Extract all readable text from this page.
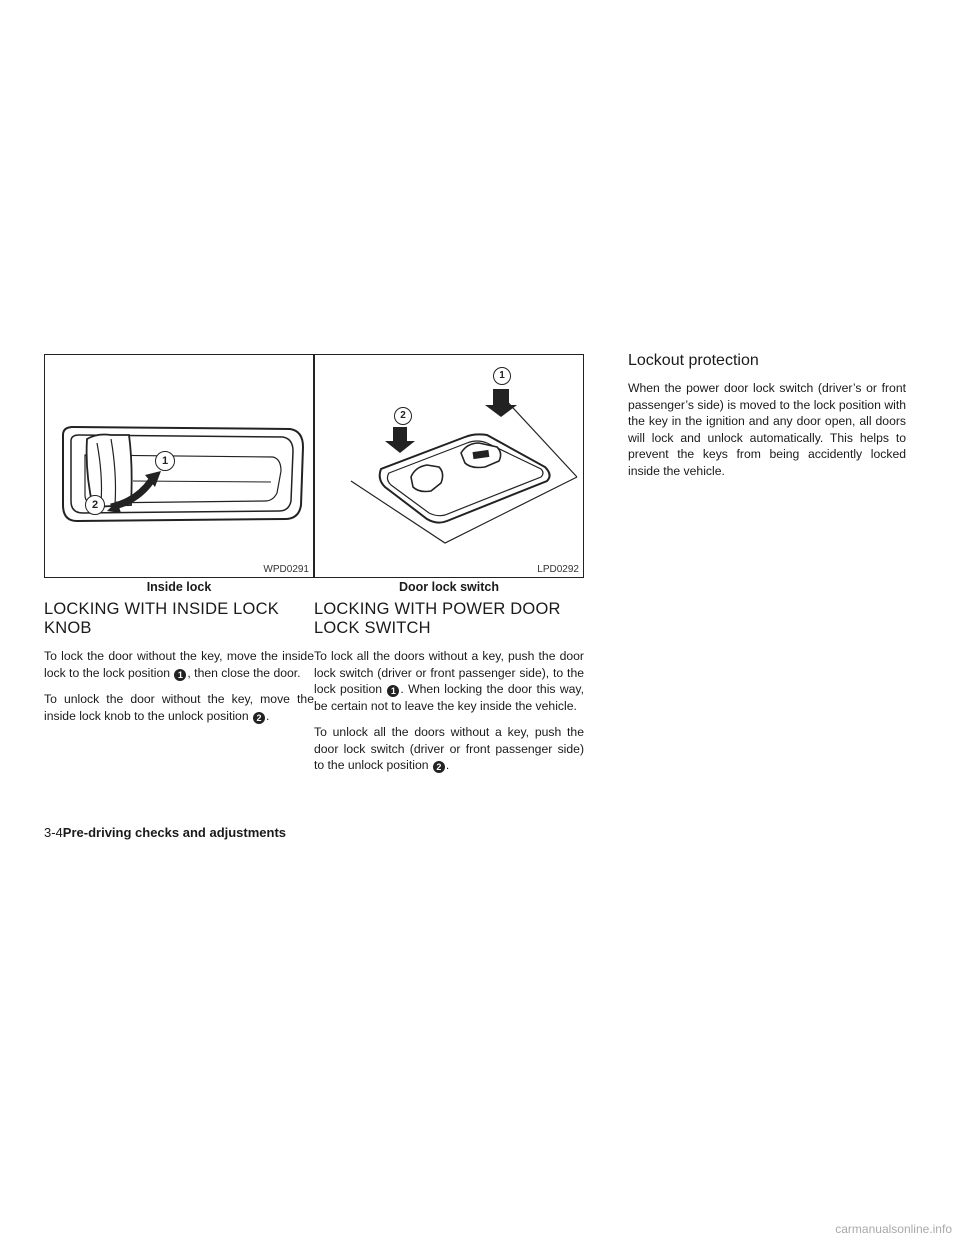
1
2
WPD0291
Inside lock
LOCKING WITH INSIDE LOCK KNOB

To lock the door without the key, move the inside lock to the lock position 1 , then close the door.

To unlock the door without the key, move the inside lock knob to the unlock position 2 .

1
2
LPD0292
Door lock switch
LOCKING WITH POWER DOOR LOCK SWITCH

To lock all the doors without a key, push the door lock switch (driver or front passenger side), to the lock position 1 . When locking the door this way, be certain not to leave the key inside the vehicle.

To unlock all the doors without a key, push the door lock switch (driver or front passenger side) to the unlock position 2 .

Lockout protection

When the power door lock switch (driver’s or front passenger’s side) is moved to the lock position with the key in the ignition and any door open, all doors will lock and unlock automatically. This helps to prevent the keys from being accidently locked inside the vehicle.

3-4Pre-driving checks and adjustments
carmanualsonline.info
